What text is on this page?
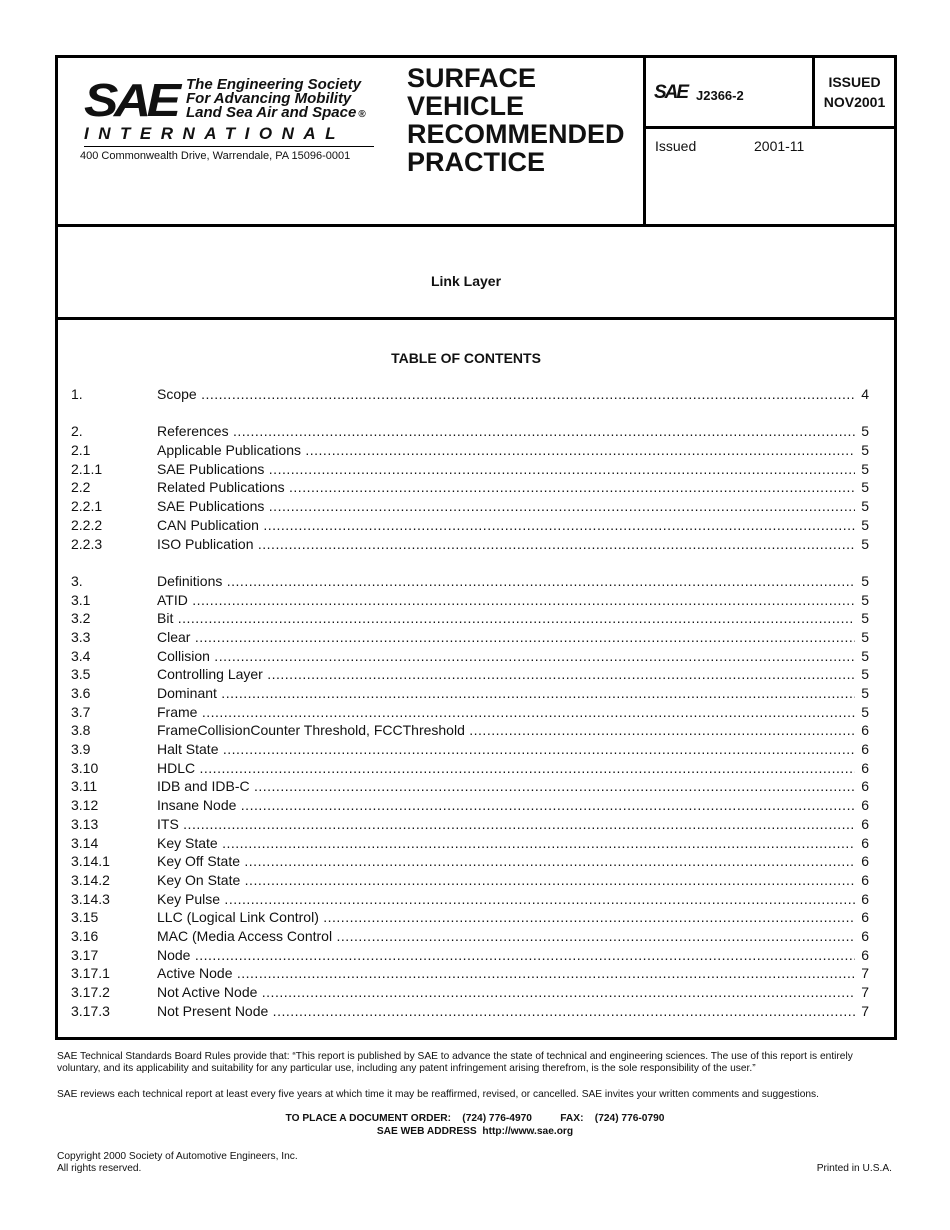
SAE The Engineering Society
For Advancing Mobility
Land Sea Air and Space ®
INTERNATIONAL
400 Commonwealth Drive, Warrendale, PA 15096-0001
SURFACE
VEHICLE
RECOMMENDED
PRACTICE
SAE J2366-2
ISSUED
NOV2001
Issued	2001-11
Link Layer
TABLE OF CONTENTS
1.	Scope .....	4
2.	References .....	5
2.1	Applicable Publications .....	5
2.1.1	SAE Publications .....	5
2.2	Related Publications .....	5
2.2.1	SAE Publications .....	5
2.2.2	CAN Publication .....	5
2.2.3	ISO Publication .....	5
3.	Definitions .....	5
3.1	ATID .....	5
3.2	Bit .....	5
3.3	Clear .....	5
3.4	Collision .....	5
3.5	Controlling Layer .....	5
3.6	Dominant .....	5
3.7	Frame .....	5
3.8	FrameCollisionCounter Threshold, FCCThreshold .....	6
3.9	Halt State .....	6
3.10	HDLC .....	6
3.11	IDB and IDB-C .....	6
3.12	Insane Node .....	6
3.13	ITS .....	6
3.14	Key State .....	6
3.14.1	Key Off State .....	6
3.14.2	Key On State .....	6
3.14.3	Key Pulse .....	6
3.15	LLC (Logical Link Control) .....	6
3.16	MAC (Media Access Control .....	6
3.17	Node .....	6
3.17.1	Active Node .....	7
3.17.2	Not Active Node .....	7
3.17.3	Not Present Node .....	7
SAE Technical Standards Board Rules provide that: “This report is published by SAE to advance the state of technical and engineering sciences. The use of this report is entirely voluntary, and its applicability and suitability for any particular use, including any patent infringement arising therefrom, is the sole responsibility of the user.”
SAE reviews each technical report at least every five years at which time it may be reaffirmed, revised, or cancelled. SAE invites your written comments and suggestions.
TO PLACE A DOCUMENT ORDER:    (724) 776-4970          FAX:    (724) 776-0790
SAE WEB ADDRESS  http://www.sae.org
Copyright 2000 Society of Automotive Engineers, Inc.
All rights reserved.	Printed in U.S.A.
